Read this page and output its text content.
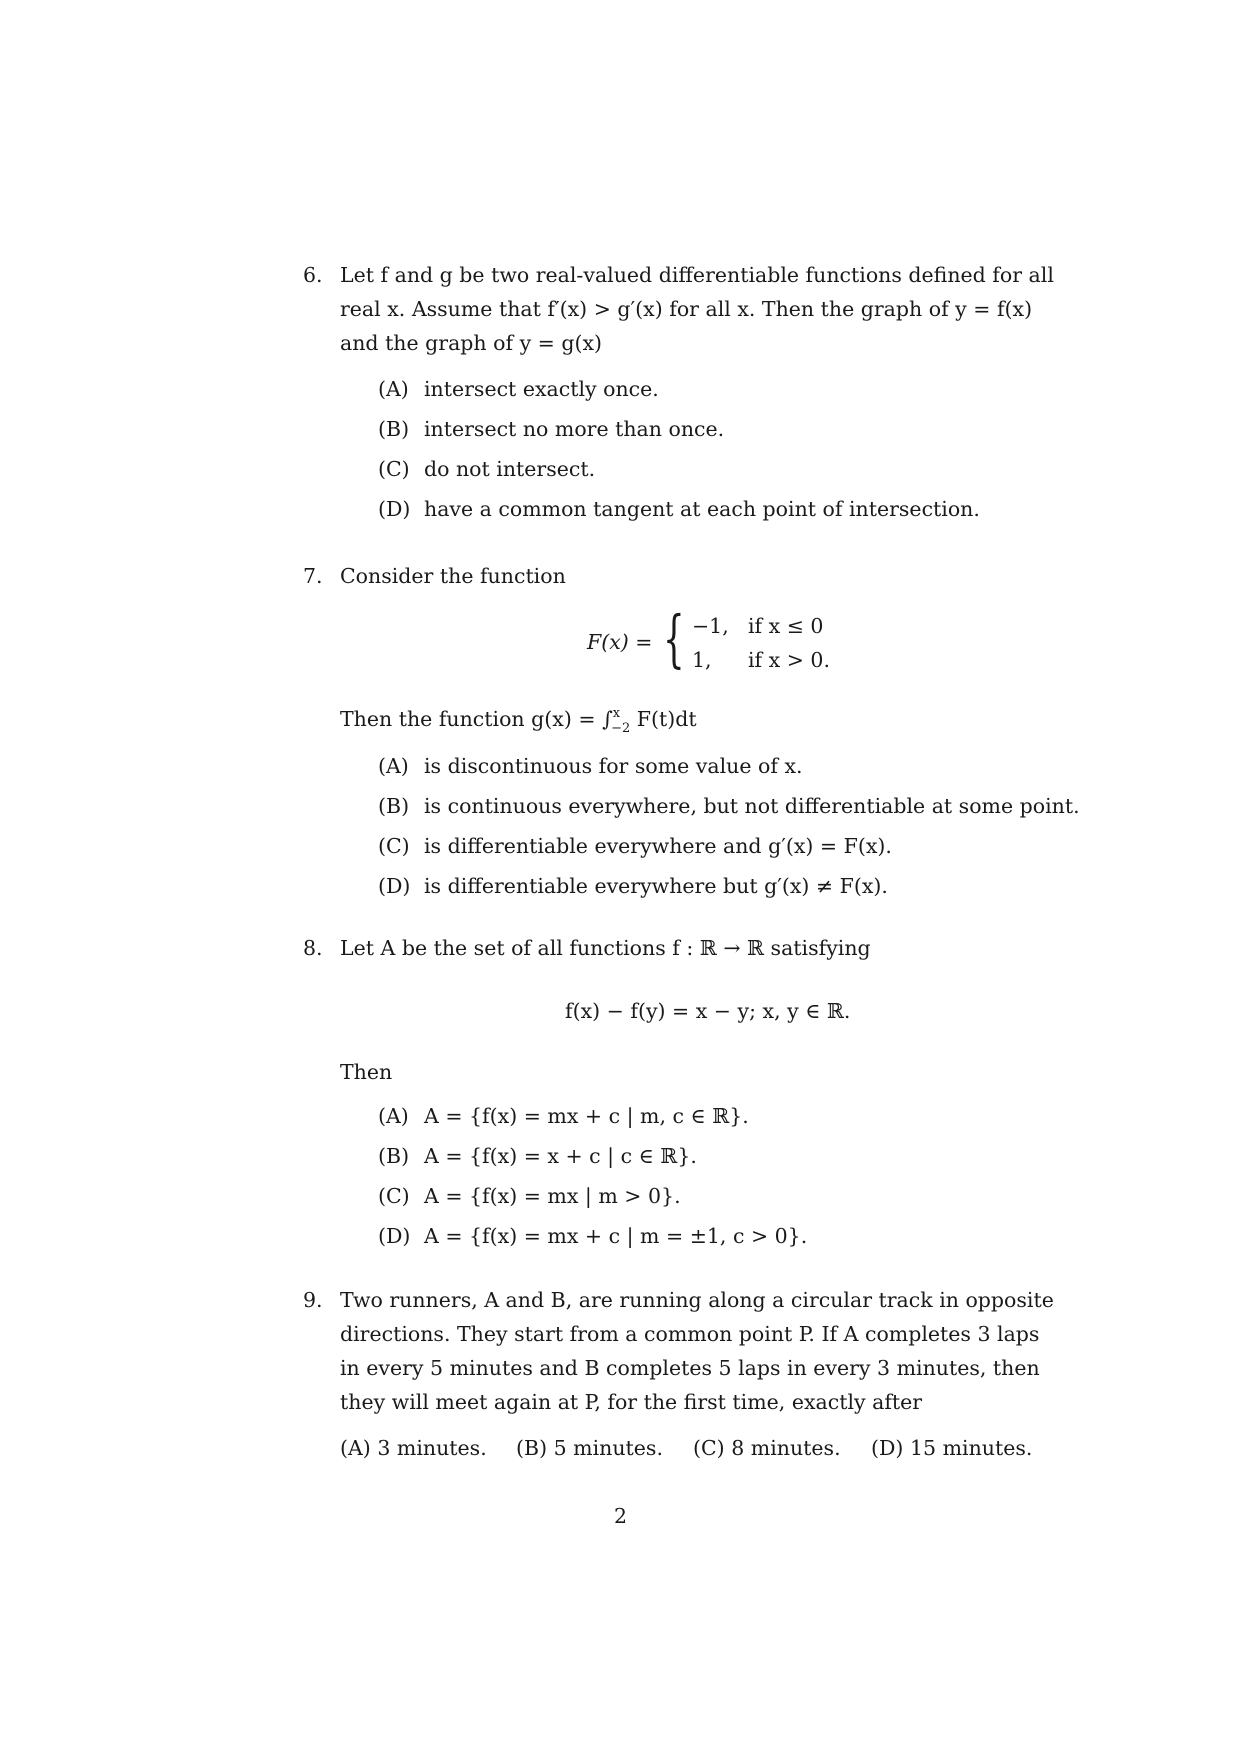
6. Let f and g be two real-valued differentiable functions defined for all
real x. Assume that f′(x) > g′(x) for all x. Then the graph of y = f(x)
and the graph of y = g(x)
(A) intersect exactly once.
(B) intersect no more than once.
(C) do not intersect.
(D) have a common tangent at each point of intersection.
7. Consider the function
F(x) = { −1, if x ≤ 0
1, if x > 0.
Then the function g(x) = ∫$^x_{-2}$ F(t)dt
(A) is discontinuous for some value of x.
(B) is continuous everywhere, but not differentiable at some point.
(C) is differentiable everywhere and g′(x) = F(x).
(D) is differentiable everywhere but g′(x) ≠ F(x).
8. Let A be the set of all functions f : ℝ → ℝ satisfying
f(x) − f(y) = x − y; x, y ∈ ℝ.
Then
(A) A = {f(x) = mx + c | m, c ∈ ℝ}.
(B) A = {f(x) = x + c | c ∈ ℝ}.
(C) A = {f(x) = mx | m > 0}.
(D) A = {f(x) = mx + c | m = ±1, c > 0}.
9. Two runners, A and B, are running along a circular track in opposite
directions. They start from a common point P. If A completes 3 laps
in every 5 minutes and B completes 5 laps in every 3 minutes, then
they will meet again at P, for the first time, exactly after
(A) 3 minutes. (B) 5 minutes. (C) 8 minutes. (D) 15 minutes.
2
